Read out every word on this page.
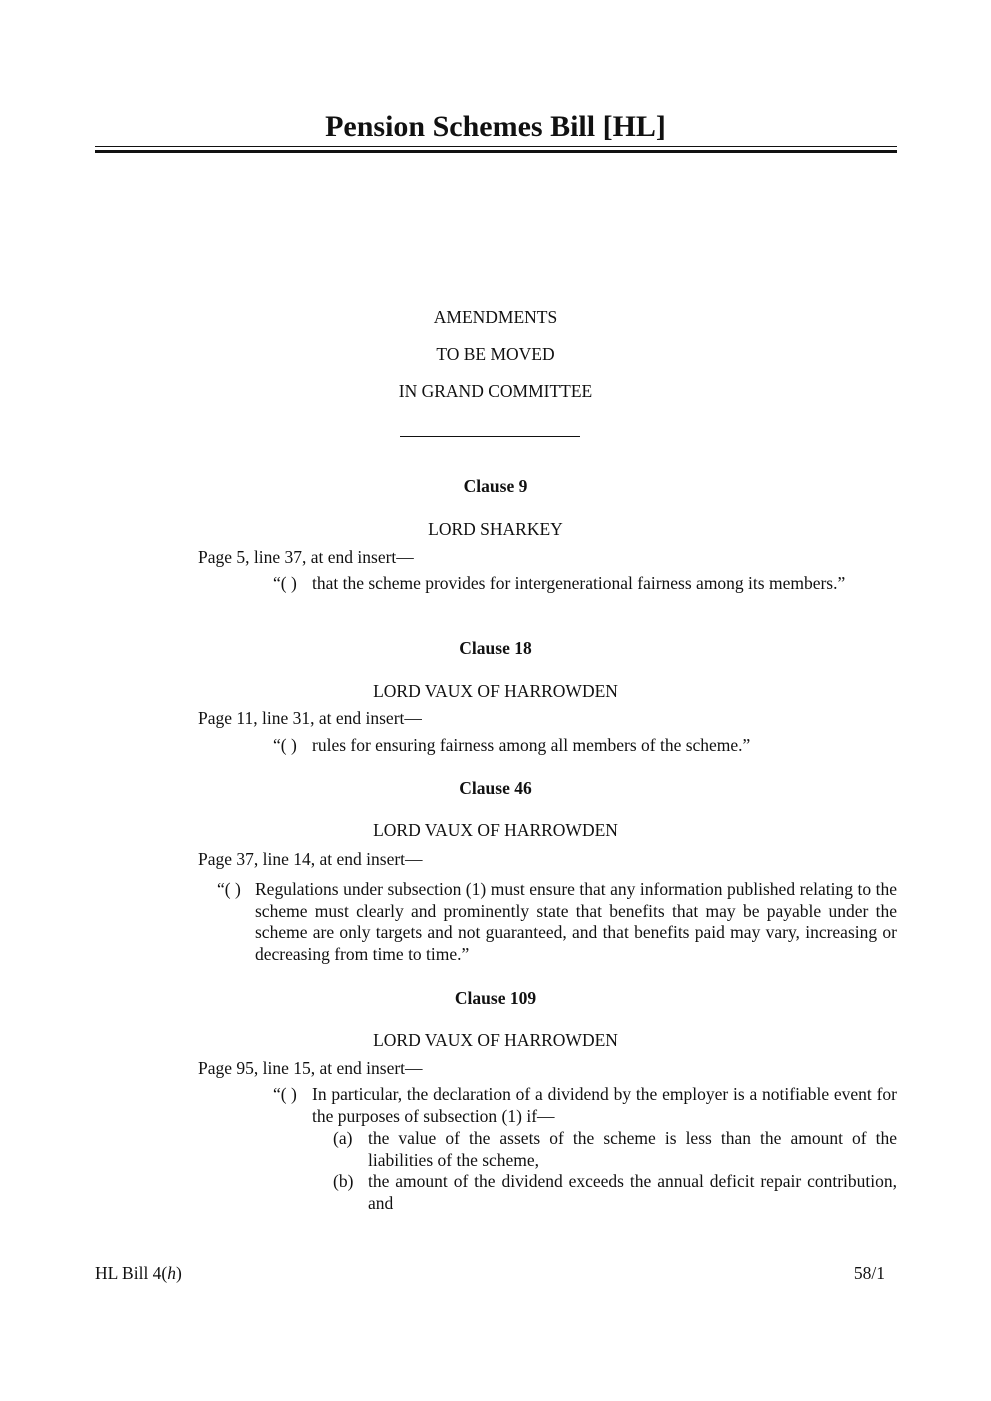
Pension Schemes Bill [HL]
AMENDMENTS
TO BE MOVED
IN GRAND COMMITTEE
Clause 9
LORD SHARKEY
Page 5, line 37, at end insert—
“( ) that the scheme provides for intergenerational fairness among its members.”
Clause 18
LORD VAUX OF HARROWDEN
Page 11, line 31, at end insert—
“( ) rules for ensuring fairness among all members of the scheme.”
Clause 46
LORD VAUX OF HARROWDEN
Page 37, line 14, at end insert—
“( ) Regulations under subsection (1) must ensure that any information published relating to the scheme must clearly and prominently state that benefits that may be payable under the scheme are only targets and not guaranteed, and that benefits paid may vary, increasing or decreasing from time to time.”
Clause 109
LORD VAUX OF HARROWDEN
Page 95, line 15, at end insert—
“( ) In particular, the declaration of a dividend by the employer is a notifiable event for the purposes of subsection (1) if—
(a) the value of the assets of the scheme is less than the amount of the liabilities of the scheme,
(b) the amount of the dividend exceeds the annual deficit repair contribution, and
HL Bill 4(h)	58/1
